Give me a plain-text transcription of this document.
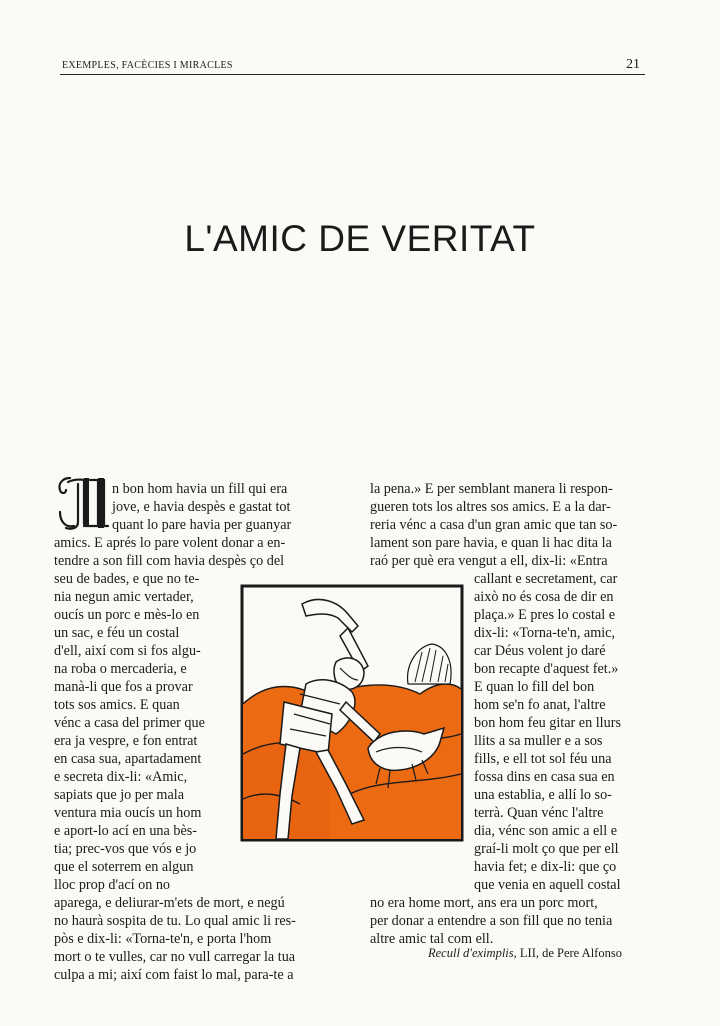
EXEMPLES, FACÈCIES I MIRACLES	21
L'AMIC DE VERITAT
U
n bon hom havia un fill qui era
jove, e havia despès e gastat tot
quant lo pare havia per guanyar
amics. E aprés lo pare volent donar a en-
tendre a son fill com havia despès ço del
seu de bades, e que no te-
nia negun amic vertader,
oucís un porc e mès-lo en
un sac, e féu un costal
d'ell, així com si fos algu-
na roba o mercaderia, e
manà-li que fos a provar
tots sos amics. E quan
vénc a casa del primer que
era ja vespre, e fon entrat
en casa sua, apartadament
e secreta dix-li: «Amic,
sapiats que jo per mala
ventura mia oucís un hom
e aport-lo ací en una bès-
tia; prec-vos que vós e jo
que el soterrem en algun
lloc prop d'ací on no
aparega, e deliurar-m'ets de mort, e negú
no haurà sospita de tu. Lo qual amic li res-
pòs e dix-li: «Torna-te'n, e porta l'hom
mort o te vulles, car no vull carregar la tua
culpa a mi; així com faist lo mal, para-te a
la pena.» E per semblant manera li respon-
gueren tots los altres sos amics. E a la dar-
reria vénc a casa d'un gran amic que tan so-
lament son pare havia, e quan li hac dita la
raó per què era vengut a ell, dix-li: «Entra
callant e secretament, car
això no és cosa de dir en
plaça.» E pres lo costal e
dix-li: «Torna-te'n, amic,
car Déus volent jo daré
bon recapte d'aquest fet.»
E quan lo fill del bon
hom se'n fo anat, l'altre
bon hom feu gitar en llurs
llits a sa muller e a sos
fills, e ell tot sol féu una
fossa dins en casa sua en
una establia, e allí lo so-
terrà. Quan vénc l'altre
dia, vénc son amic a ell e
graí-li molt ço que per ell
havia fet; e dix-li: que ço
que venia en aquell costal
no era home mort, ans era un porc mort,
per donar a entendre a son fill que no tenia
altre amic tal com ell.
Recull d'eximplis, LII, de Pere Alfonso
